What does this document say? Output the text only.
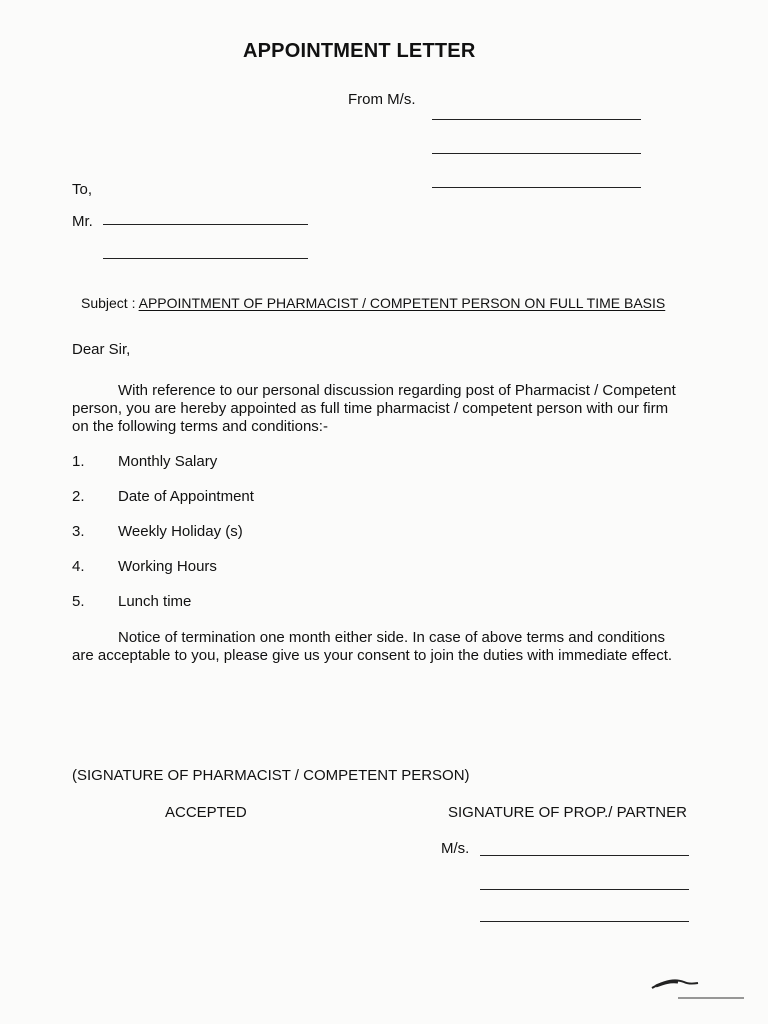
APPOINTMENT LETTER
From M/s.
To,
Mr.
Subject : APPOINTMENT OF PHARMACIST / COMPETENT PERSON ON FULL TIME BASIS
Dear Sir,
With reference to our personal discussion regarding post of Pharmacist / Competent
person, you are hereby appointed as full time pharmacist / competent person with our firm
on the following terms and conditions:-
1. Monthly Salary
2. Date of Appointment
3. Weekly Holiday (s)
4. Working Hours
5. Lunch time
Notice of termination one month either side. In case of above terms and conditions
are acceptable to you, please give us your consent to join the duties with immediate effect.
(SIGNATURE OF PHARMACIST / COMPETENT PERSON)
ACCEPTED	SIGNATURE OF PROP./ PARTNER
M/s.
